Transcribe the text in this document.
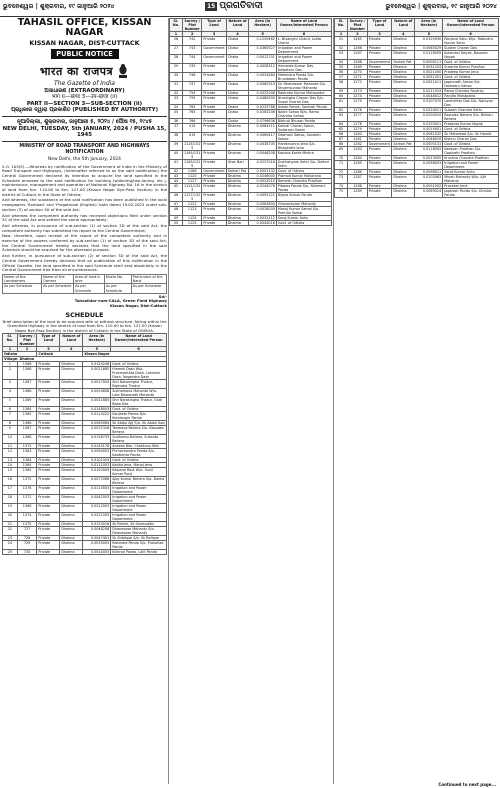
ଭୁବନେଶ୍ୱର | ଶୁକ୍ରବାର, ୧୯ ଜାନୁଆରି ୨୦୨୪	15 ପ୍ରଗତିବାଦୀ	ଭୁବନେଶ୍ୱର | ଶୁକ୍ରବାର, ୧୯ ଜାନୁଆରି ୨୦୨୪
TAHASIL OFFICE, KISSAN NAGAR
KISSAN NAGAR, DIST-CUTTACK
PUBLIC NOTICE
भारत का राजपत्र
The Gazette of India
ଅସାଧାରଣ (EXTRAORDINARY)
भाग II—खण्ड 3—उप-खण्ड (ii)
PART II—SECTION 3—SUB-SECTION (ii)
ପ୍ରାଧିକାର ଦ୍ୱାରା ପ୍ରକାଶିତ (PUBLISHED BY AUTHORITY)
ନୂଆଦିଲ୍ଲୀ, ଶୁକ୍ରବାର, ଜାନୁଆରୀ ୫, ୨୦୨୪ / ପୌଷ ୧୫, ୧୯୪୫
NEW DELHI, TUESDAY, 5th JANUARY, 2024 / PUSHA 15, 1945
MINISTRY OF ROAD TRANSPORT AND HIGHWAYS NOTIFICATION
New Delhi, the 5th January, 2024
S.O. 105(E).—Whereas by notification of the Government of India in the Ministry of Road Transport and Highways, (hereinafter referred to as the said notification) the Central Government declared its intention to acquire the land specified in the Schedule annexed to the said notification for building (widening/two-laning, etc.), maintenance, management and operation of National Highway No. 16 in the stretch of land from Km. 110.00 to Km. 127.00 (Kissan Nagar Bye-Pass Section) in the district of Cuttack in the State of Odisha;
And whereas, the substance of the said notification has been published in the local newspapers 'Sambad' and 'Pragativadi (English)' both dated 19.02.2023 under sub-section (3) of section 3A of the said Act;
And whereas the competent authority has received objections filed under section 3C of the said Act and settled the same appropriately;
And whereas, in pursuance of sub-section (1) of section 3D of the said Act, the competent authority has submitted his report to the Central Government;
Now, therefore, upon receipt of the report of the competent authority and in exercise of the powers conferred by sub-section (1) of section 3D of the said Act, the Central Government hereby declares that the land specified in the said Schedule should be acquired for the aforesaid purpose.
And further, in pursuance of sub-section (2) of section 3D of the said Act, the Central Government hereby declares that on publication of this notification in the Official Gazette, the land specified in the said Schedule shall vest absolutely in the Central Government free from all encumbrances.
Name of the Landowners	Name of the Owners	Area of land in acre	Khata No.	Particulars of the Bank
As per Schedule	As per Schedule	As per Schedule	As per Schedule	As per Schedule
Sd/-
Tahasildar-cum-CALA, Green Field Highway
Kissan Nagar, Dist-Cuttack
SCHEDULE
Brief description of the land to be acquired with or without structure, falling within the Greenfield Highway in the stretch of land from Km. 110.00 to Km. 127.00 (Kissan Nagar Bye-Pass Section) in the district of Cuttack in the State of ODISHA.
Sl. No.	Survey / Plot Number	Type of Land	Nature of Land	Area (in Hectare)	Name of Land Owner/Interested Person
1	2	3	4	5	6
Odisha		Cuttack		Kissan Nagar	
Village: Dhalma					
1	1366	Private	Dhalma	0.0124248	Govt. of Odisha
2	1368	Private	Dhalma	0.0021685	Himesh Dash W/o- Prahmadutta Dash, Lakshmi Dash, Nagendra Dash
3	1367	Private	Dhalma	0.0017004	Shri Narasingha Thakur, Rajendra Thakur
4	1368	Private	Dhalma	0.0024608	Sukhamana Mohanta W/o- Late Biswanath Mohanta
5	1369	Private	Dhalma	0.0021685	Shri Narasingha Thakur, Gadi Baba Das
6	1364	Private	Dhalma	0.0148003	Govt. of Odisha
7	1365	Private	Dhalma	0.0114222	Sanjeeta Panda D/o- Kundangiri Panda
8	1366	Private	Dhalma	0.0085064	Sk Abdul Ajij S/o- Sk Abdul Aziz
9	1367	Private	Dhalma	0.0071316	Tanmaya Behera S/o- Basudev Behera
10	1368	Private	Dhalma	0.0136733	Sudhansu Behera, Sukanta Behera
11	1372	Private	Dhalma	0.0144178	Aneesa Bibi, Chakkunu Bibi
12	1363	Private	Dhalma	0.0094003	Purnachandra Panda S/o- Kabikanta Panda
13	1364	Private	Dhalma	0.0101004	Govt. of Odisha
14	1364	Private	Dhalma	0.0111003	Kabita Jena, Manoj Jena
15	1365	Private	Dhalma	0.0140005	Kalpana Rout W/o- Sunil Kumar Rout
16	1375	Private	Dhalma	0.0072066	Ajay Kumar Behera S/o- Banka Behera
17	1376	Private	Dhalma	0.0110003	Irrigation and Power Department
18	1371	Private	Dhalma	0.0042003	Irrigation and Power Department
19	1366	Private	Dhalma	0.0312003	Irrigation and Power Department
20	1374	Private	Dhalma	0.0221005	Irrigation and Power Department
21	1375	Private	Dhalma	0.0153016	Sk Rahim, Sk Samsuddin
22	727	Private	Dhalma	0.0046208	Dhaneswar Mohanty S/o- Dhaneswar Mohanty
23	728	Private	Dhalma	0.0047401	Sk Siddique S/o- Sk Rafique
24	729	Private	Dhalma	0.0035003	Rabindra Panda S/o- Prahallad Panda
25	730	Private	Dhalma	0.0014003	Kshirod Panda, Lalit Panda
Sl. No.	Survey / Plot Number	Type of Land	Nature of Land	Area (in Hectare)	Name of Land Owner/Interested Person
1	2	3	4	5	6
26	742	Private	Chaka	0.1229462	L. Bivangini Chand, Lalita Chand
27	743	Government	Chaka	0.0360527	Irrigation and Power Department
28	744	Government	Chaka	0.0012701	Irrigation and Power Department
29	745	Private	Chaka	0.0008312	Hemanta Kumar Das, Kalpataru Das
30	746	Private	Chaka	0.0024484	Mahendra Panda S/o- Brundaban Panda
31	747	Private	Chaka	0.0060314	Sri Dhaneswar Mahanta S/o- Shyamsundar Mahanta
32	754	Private	Chaka	0.0022046	Rabindra Kumar Mohapatra
33	755	Private	Chaka	0.0480500	Nrusingha Charan Das S/o- Gopal Charan Das
34	764	Private	Chaka	0.0220788	Ashok Panda, Santosh Panda
35	765	Private	Chaka	0.0263206	Nalini Sahoo W/o- Rama Chandra Sahoo
36	766	Private	Chaka	0.0796636	Bibhuti Bhusan Parida
37	415	Private	Dhalma	0.0084211	Kalindi Charan Swain, Sudarsan Swain
38	415	Private	Dhalma	0.0069417	Sitamani Sahoo, Sanatan Sahoo
39	1124/1315	Private	Dhalma	0.0038705	Harekrushna Jena S/o- Bhagirathi Jena
40	1165/1315	Private	Dhalma	0.0046208	Kamala Kanta Mishra
41	1165/1315	Private	Ghar Bari	0.0227018	Dukhishyam Sethi S/o- Daitari Sethi
42	1166	Government	Sarkari Pat	0.0001132	Govt. of Odisha
43	1120	Private	Dhalma	0.0246000	Pramod Kumar Moharana
44	1127	Private	Dhalma	0.0023010	Ramesh Chandra Pradhan
45	1121/1323	Private	Dhalma	0.0244078	Pitabas Panda S/o- Nilamani Panda
46	1127/1325	Private	Dhalma	0.0092121	Bijaya Kumar Parida
47	1122	Private	Dhalma	0.0063800	Ghanashyam Mohanty
48	1123	Private	Dhalma	0.0028000	Manoj Kumar Samal S/o- Prafulla Samal
49	1124	Private	Dhalma	0.0032112	Saroj Kumar Sahu
50	1125	Private	Dhalma	0.0044018	Govt. of Odisha
Sl. No.	Survey / Plot Number	Type of Land	Nature of Land	Area (in Hectare)	Name of Land Owner/Interested Person
1	2	3	4	5	6
51	1265	Private	Dhalma	0.0120930	Ranjana Sahu W/o- Rabindra Kumar Sahu
52	1266	Private	Dhalma	0.0065029	Sudam Charan Das
53	1267	Private	Dhalma	0.0118055	Kulamani Nayak, Basanta Nayak
54	1268	Government	Sarkari Pat	0.0000111	Govt. of Odisha
55	1269	Private	Dhalma	0.0031203	Susanta Kumar Pradhan
56	1270	Private	Dhalma	0.0021000	Pradeep Kumar Jena
57	1271	Private	Dhalma	0.0051001	Govt. of Odisha
58	1272	Private	Dhalma	0.0021011	Jagannath Sahoo S/o- Dambaru Sahoo
59	1273	Private	Dhalma	0.0211019	Rama Chandra Routray
60	1274	Private	Dhalma	0.0048012	Ranjita Mohapatra
61	1275	Private	Dhalma	0.0107070	Laxmidhar Das S/o- Narayan Das
62	1276	Private	Dhalma	0.0224011	Subash Chandra Sethi
63	1277	Private	Dhalma	0.0200010	Basudev Behera S/o- Bhikari Behera
64	1278	Private	Dhalma	0.0193021	Prasanta Kumar Nayak
65	1279	Private	Dhalma	0.0019001	Govt. of Odisha
66	1280	Private	Dhalma	0.0061032	Sk Mahamad S/o- Sk Hamid
67	1281	Private	Dhalma	0.0046010	Bishnu Charan Das
68	1282	Government	Sarkari Pat	0.0000131	Govt. of Odisha
69	1283	Private	Dhalma	0.0118002	Narayan Pradhan S/o- Gopinath Pradhan
70	1284	Private	Dhalma	0.0013005	Krushna Chandra Pradhan
71	1285	Private	Dhalma	0.0058003	Irrigation and Power Department
72	1286	Private	Dhalma	0.0098011	Sarat Kumar Sahu
73	1287	Private	Dhalma	0.0103063	Minati Mohanty W/o- Ajit Mohanty
74	1288	Private	Dhalma	0.0091002	Pravakar Jena
75	1289	Private	Dhalma	0.0069024	Jagadish Parida S/o- Dhruba Parida
Continued to next page...
